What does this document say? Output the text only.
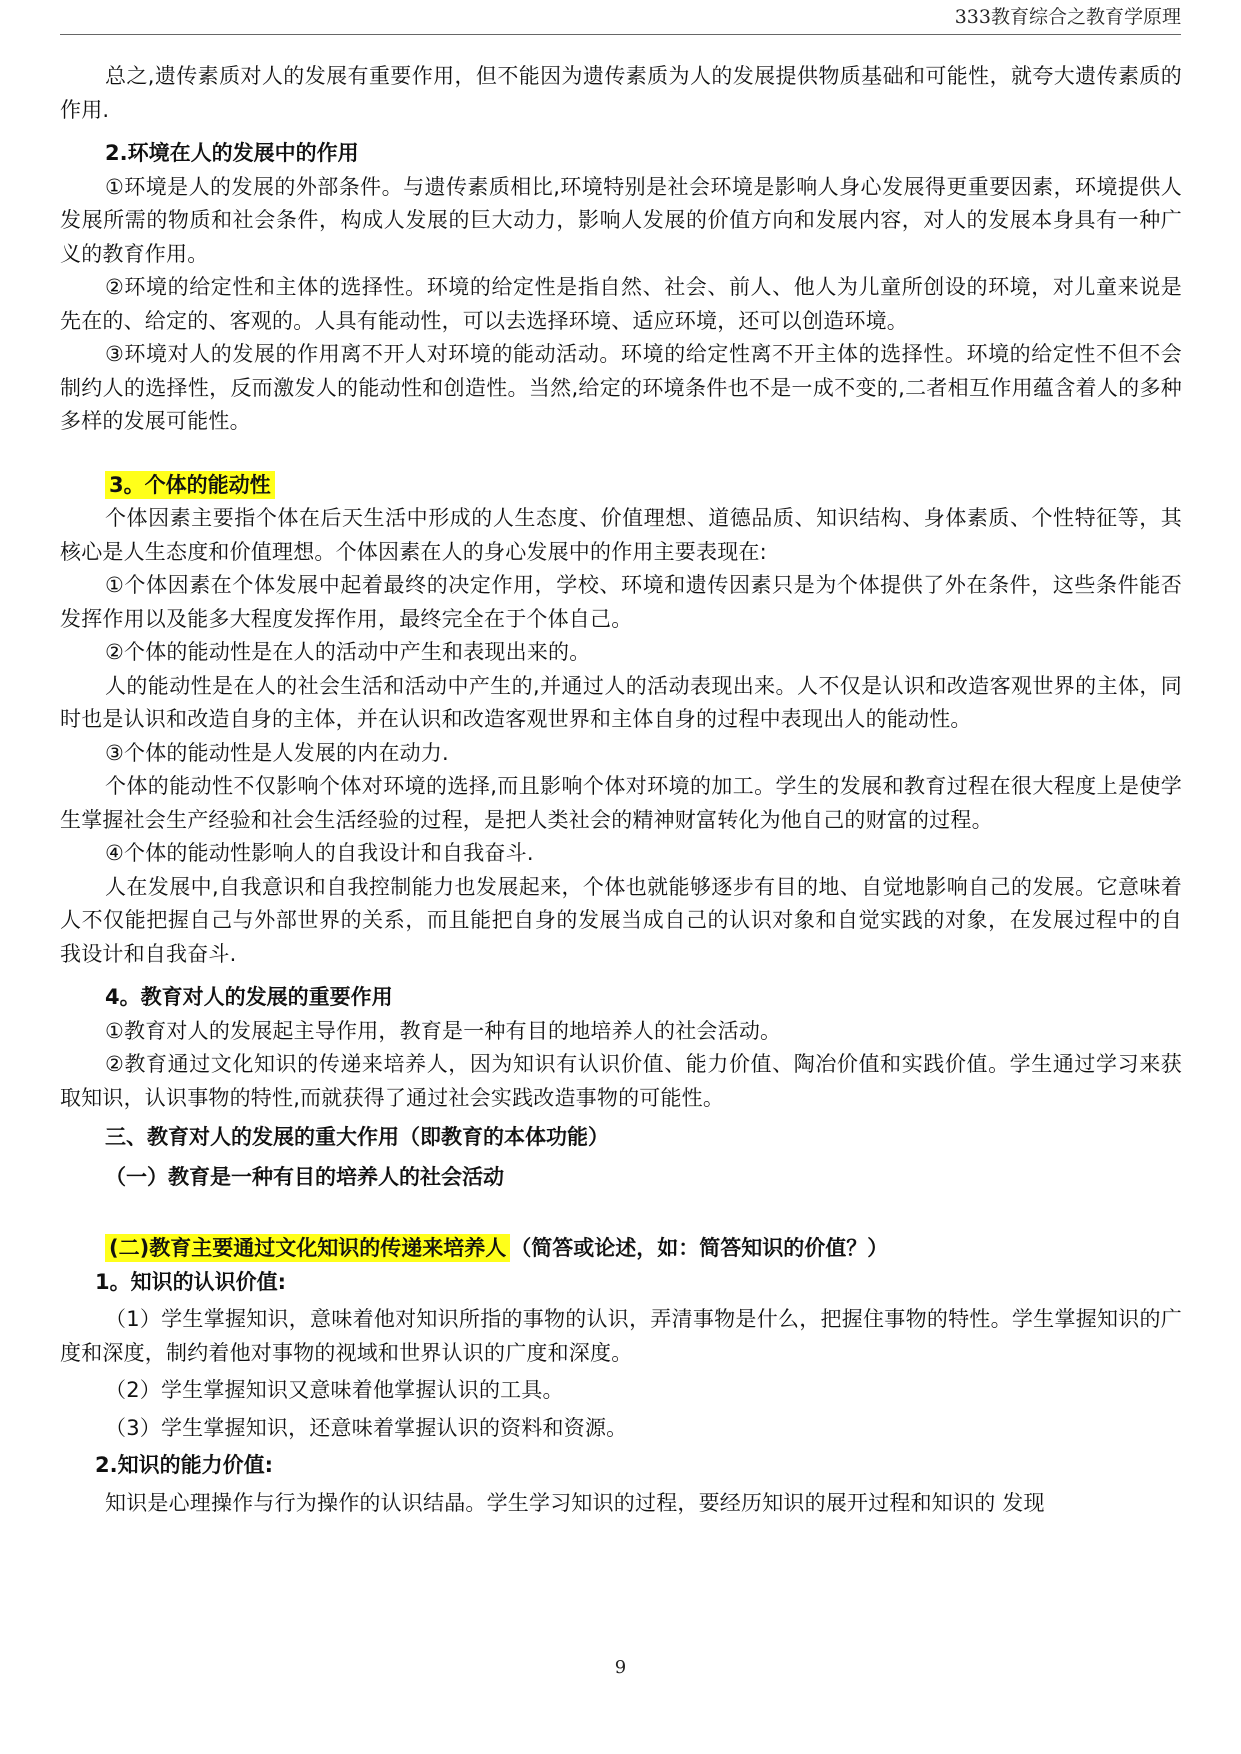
333教育综合之教育学原理

总之,遗传素质对人的发展有重要作用，但不能因为遗传素质为人的发展提供物质基础和可能性，就夸大遗传素质的作用.

2.环境在人的发展中的作用

①环境是人的发展的外部条件。与遗传素质相比,环境特别是社会环境是影响人身心发展得更重要因素，环境提供人发展所需的物质和社会条件，构成人发展的巨大动力，影响人发展的价值方向和发展内容，对人的发展本身具有一种广义的教育作用。

②环境的给定性和主体的选择性。环境的给定性是指自然、社会、前人、他人为儿童所创设的环境，对儿童来说是先在的、给定的、客观的。人具有能动性，可以去选择环境、适应环境，还可以创造环境。

③环境对人的发展的作用离不开人对环境的能动活动。环境的给定性离不开主体的选择性。环境的给定性不但不会制约人的选择性，反而激发人的能动性和创造性。当然,给定的环境条件也不是一成不变的,二者相互作用蕴含着人的多种多样的发展可能性。

3。个体的能动性

个体因素主要指个体在后天生活中形成的人生态度、价值理想、道德品质、知识结构、身体素质、个性特征等，其核心是人生态度和价值理想。个体因素在人的身心发展中的作用主要表现在:

①个体因素在个体发展中起着最终的决定作用，学校、环境和遗传因素只是为个体提供了外在条件，这些条件能否发挥作用以及能多大程度发挥作用，最终完全在于个体自己。

②个体的能动性是在人的活动中产生和表现出来的。

人的能动性是在人的社会生活和活动中产生的,并通过人的活动表现出来。人不仅是认识和改造客观世界的主体，同时也是认识和改造自身的主体，并在认识和改造客观世界和主体自身的过程中表现出人的能动性。

③个体的能动性是人发展的内在动力.

个体的能动性不仅影响个体对环境的选择,而且影响个体对环境的加工。学生的发展和教育过程在很大程度上是使学生掌握社会生产经验和社会生活经验的过程，是把人类社会的精神财富转化为他自己的财富的过程。

④个体的能动性影响人的自我设计和自我奋斗.

人在发展中,自我意识和自我控制能力也发展起来，个体也就能够逐步有目的地、自觉地影响自己的发展。它意味着人不仅能把握自己与外部世界的关系，而且能把自身的发展当成自己的认识对象和自觉实践的对象，在发展过程中的自我设计和自我奋斗.

4。教育对人的发展的重要作用

①教育对人的发展起主导作用，教育是一种有目的地培养人的社会活动。

②教育通过文化知识的传递来培养人，因为知识有认识价值、能力价值、陶冶价值和实践价值。学生通过学习来获取知识，认识事物的特性,而就获得了通过社会实践改造事物的可能性。

三、教育对人的发展的重大作用（即教育的本体功能）

（一）教育是一种有目的培养人的社会活动

(二)教育主要通过文化知识的传递来培养人 （简答或论述，如：简答知识的价值？）

1。知识的认识价值:

（1）学生掌握知识，意味着他对知识所指的事物的认识，弄清事物是什么，把握住事物的特性。学生掌握知识的广度和深度，制约着他对事物的视域和世界认识的广度和深度。

（2）学生掌握知识又意味着他掌握认识的工具。

（3）学生掌握知识，还意味着掌握认识的资料和资源。

2.知识的能力价值:

知识是心理操作与行为操作的认识结晶。学生学习知识的过程，要经历知识的展开过程和知识的 发现

9
